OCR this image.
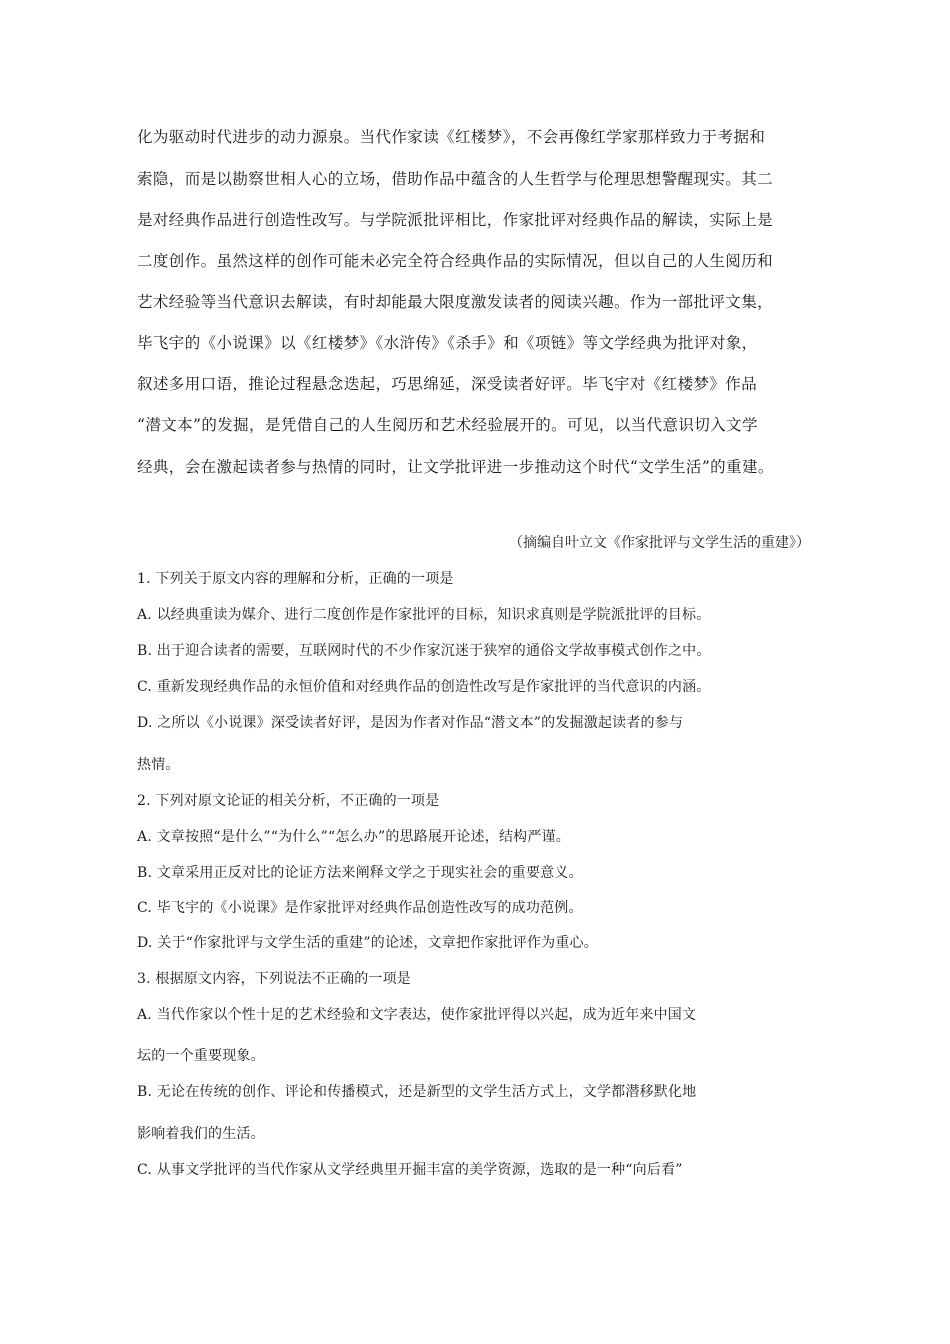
化为驱动时代进步的动力源泉。当代作家读《红楼梦》，不会再像红学家那样致力于考据和
索隐，而是以勘察世相人心的立场，借助作品中蕴含的人生哲学与伦理思想警醒现实。其二
是对经典作品进行创造性改写。与学院派批评相比，作家批评对经典作品的解读，实际上是
二度创作。虽然这样的创作可能未必完全符合经典作品的实际情况，但以自己的人生阅历和
艺术经验等当代意识去解读，有时却能最大限度激发读者的阅读兴趣。作为一部批评文集，
毕飞宇的《小说课》以《红楼梦》《水浒传》《杀手》和《项链》等文学经典为批评对象，
叙述多用口语，推论过程悬念迭起，巧思绵延，深受读者好评。毕飞宇对《红楼梦》作品
“潜文本”的发掘，是凭借自己的人生阅历和艺术经验展开的。可见，以当代意识切入文学
经典，会在激起读者参与热情的同时，让文学批评进一步推动这个时代“文学生活”的重建。
（摘编自叶立文《作家批评与文学生活的重建》）
1. 下列关于原文内容的理解和分析，正确的一项是
A. 以经典重读为媒介、进行二度创作是作家批评的目标，知识求真则是学院派批评的目标。
B. 出于迎合读者的需要，互联网时代的不少作家沉迷于狭窄的通俗文学故事模式创作之中。
C. 重新发现经典作品的永恒价值和对经典作品的创造性改写是作家批评的当代意识的内涵。
D. 之所以《小说课》深受读者好评，是因为作者对作品“潜文本”的发掘激起读者的参与
热情。
2. 下列对原文论证的相关分析，不正确的一项是
A. 文章按照“是什么”“为什么”“怎么办”的思路展开论述，结构严谨。
B. 文章采用正反对比的论证方法来阐释文学之于现实社会的重要意义。
C. 毕飞宇的《小说课》是作家批评对经典作品创造性改写的成功范例。
D. 关于“作家批评与文学生活的重建”的论述，文章把作家批评作为重心。
3. 根据原文内容，下列说法不正确的一项是
A. 当代作家以个性十足的艺术经验和文字表达，使作家批评得以兴起，成为近年来中国文
坛的一个重要现象。
B. 无论在传统的创作、评论和传播模式，还是新型的文学生活方式上，文学都潜移默化地
影响着我们的生活。
C. 从事文学批评的当代作家从文学经典里开掘丰富的美学资源，选取的是一种“向后看”
